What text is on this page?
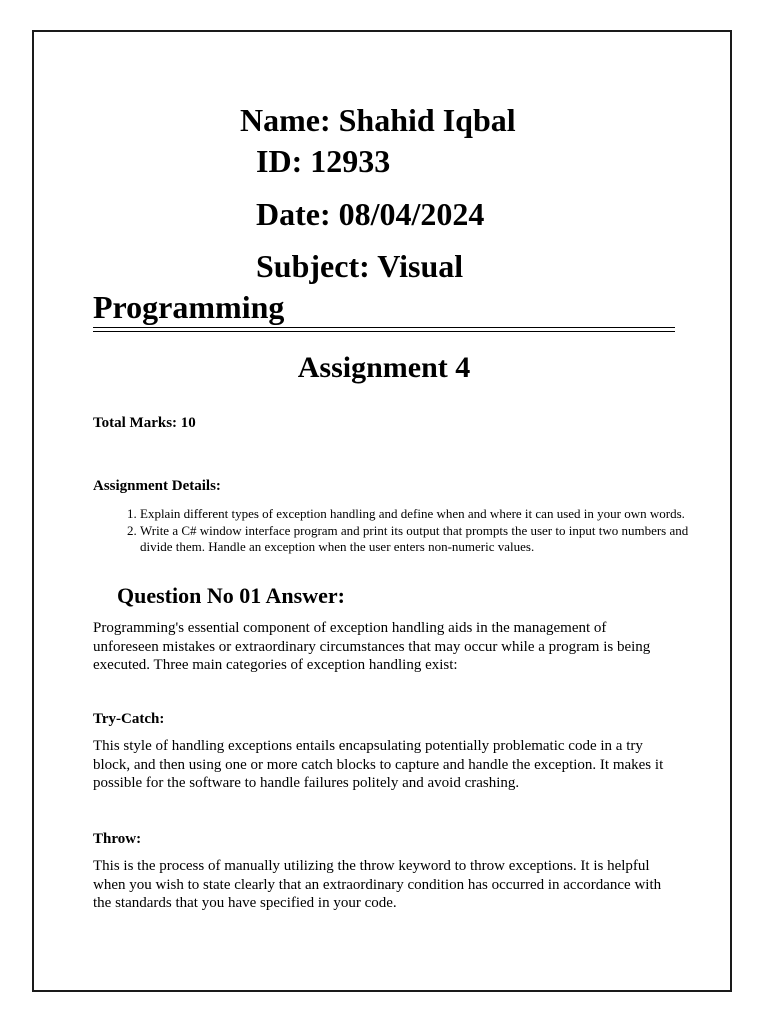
Name: Shahid Iqbal
ID: 12933
Date: 08/04/2024
Subject: Visual
Programming
Assignment 4
Total Marks: 10
Assignment Details:
1. Explain different types of exception handling and define when and where it can used in your own words.
2. Write a C# window interface program and print its output that prompts the user to input two numbers and divide them. Handle an exception when the user enters non-numeric values.
Question No 01 Answer:
Programming's essential component of exception handling aids in the management of unforeseen mistakes or extraordinary circumstances that may occur while a program is being executed. Three main categories of exception handling exist:
Try-Catch:
This style of handling exceptions entails encapsulating potentially problematic code in a try block, and then using one or more catch blocks to capture and handle the exception. It makes it possible for the software to handle failures politely and avoid crashing.
Throw:
This is the process of manually utilizing the throw keyword to throw exceptions. It is helpful when you wish to state clearly that an extraordinary condition has occurred in accordance with the standards that you have specified in your code.
